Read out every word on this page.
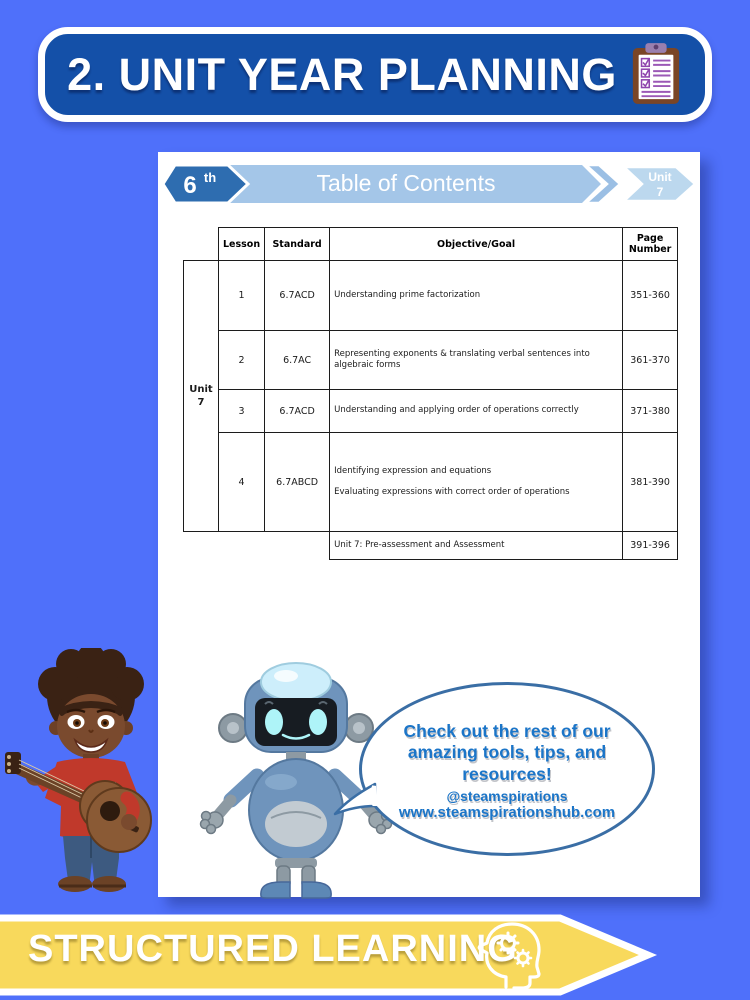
2. UNIT YEAR PLANNING
Unit
7
6 th	Table of Contents
	Lesson	Standard	Objective/Goal	Page Number

Unit
7	1	6.7ACD	Understanding prime factorization	351-360
	2	6.7AC	Representing exponents & translating verbal sentences into algebraic forms	361-370
	3	6.7ACD	Understanding and applying order of operations correctly	371-380
	4	6.7ABCD	Identifying expression and equations
Evaluating expressions with correct order of operations	381-390
			Unit 7: Pre-assessment and Assessment	391-396
Check out the rest of our amazing tools, tips, and resources!
@steamspirations
www.steamspirationshub.com
STRUCTURED LEARNING
